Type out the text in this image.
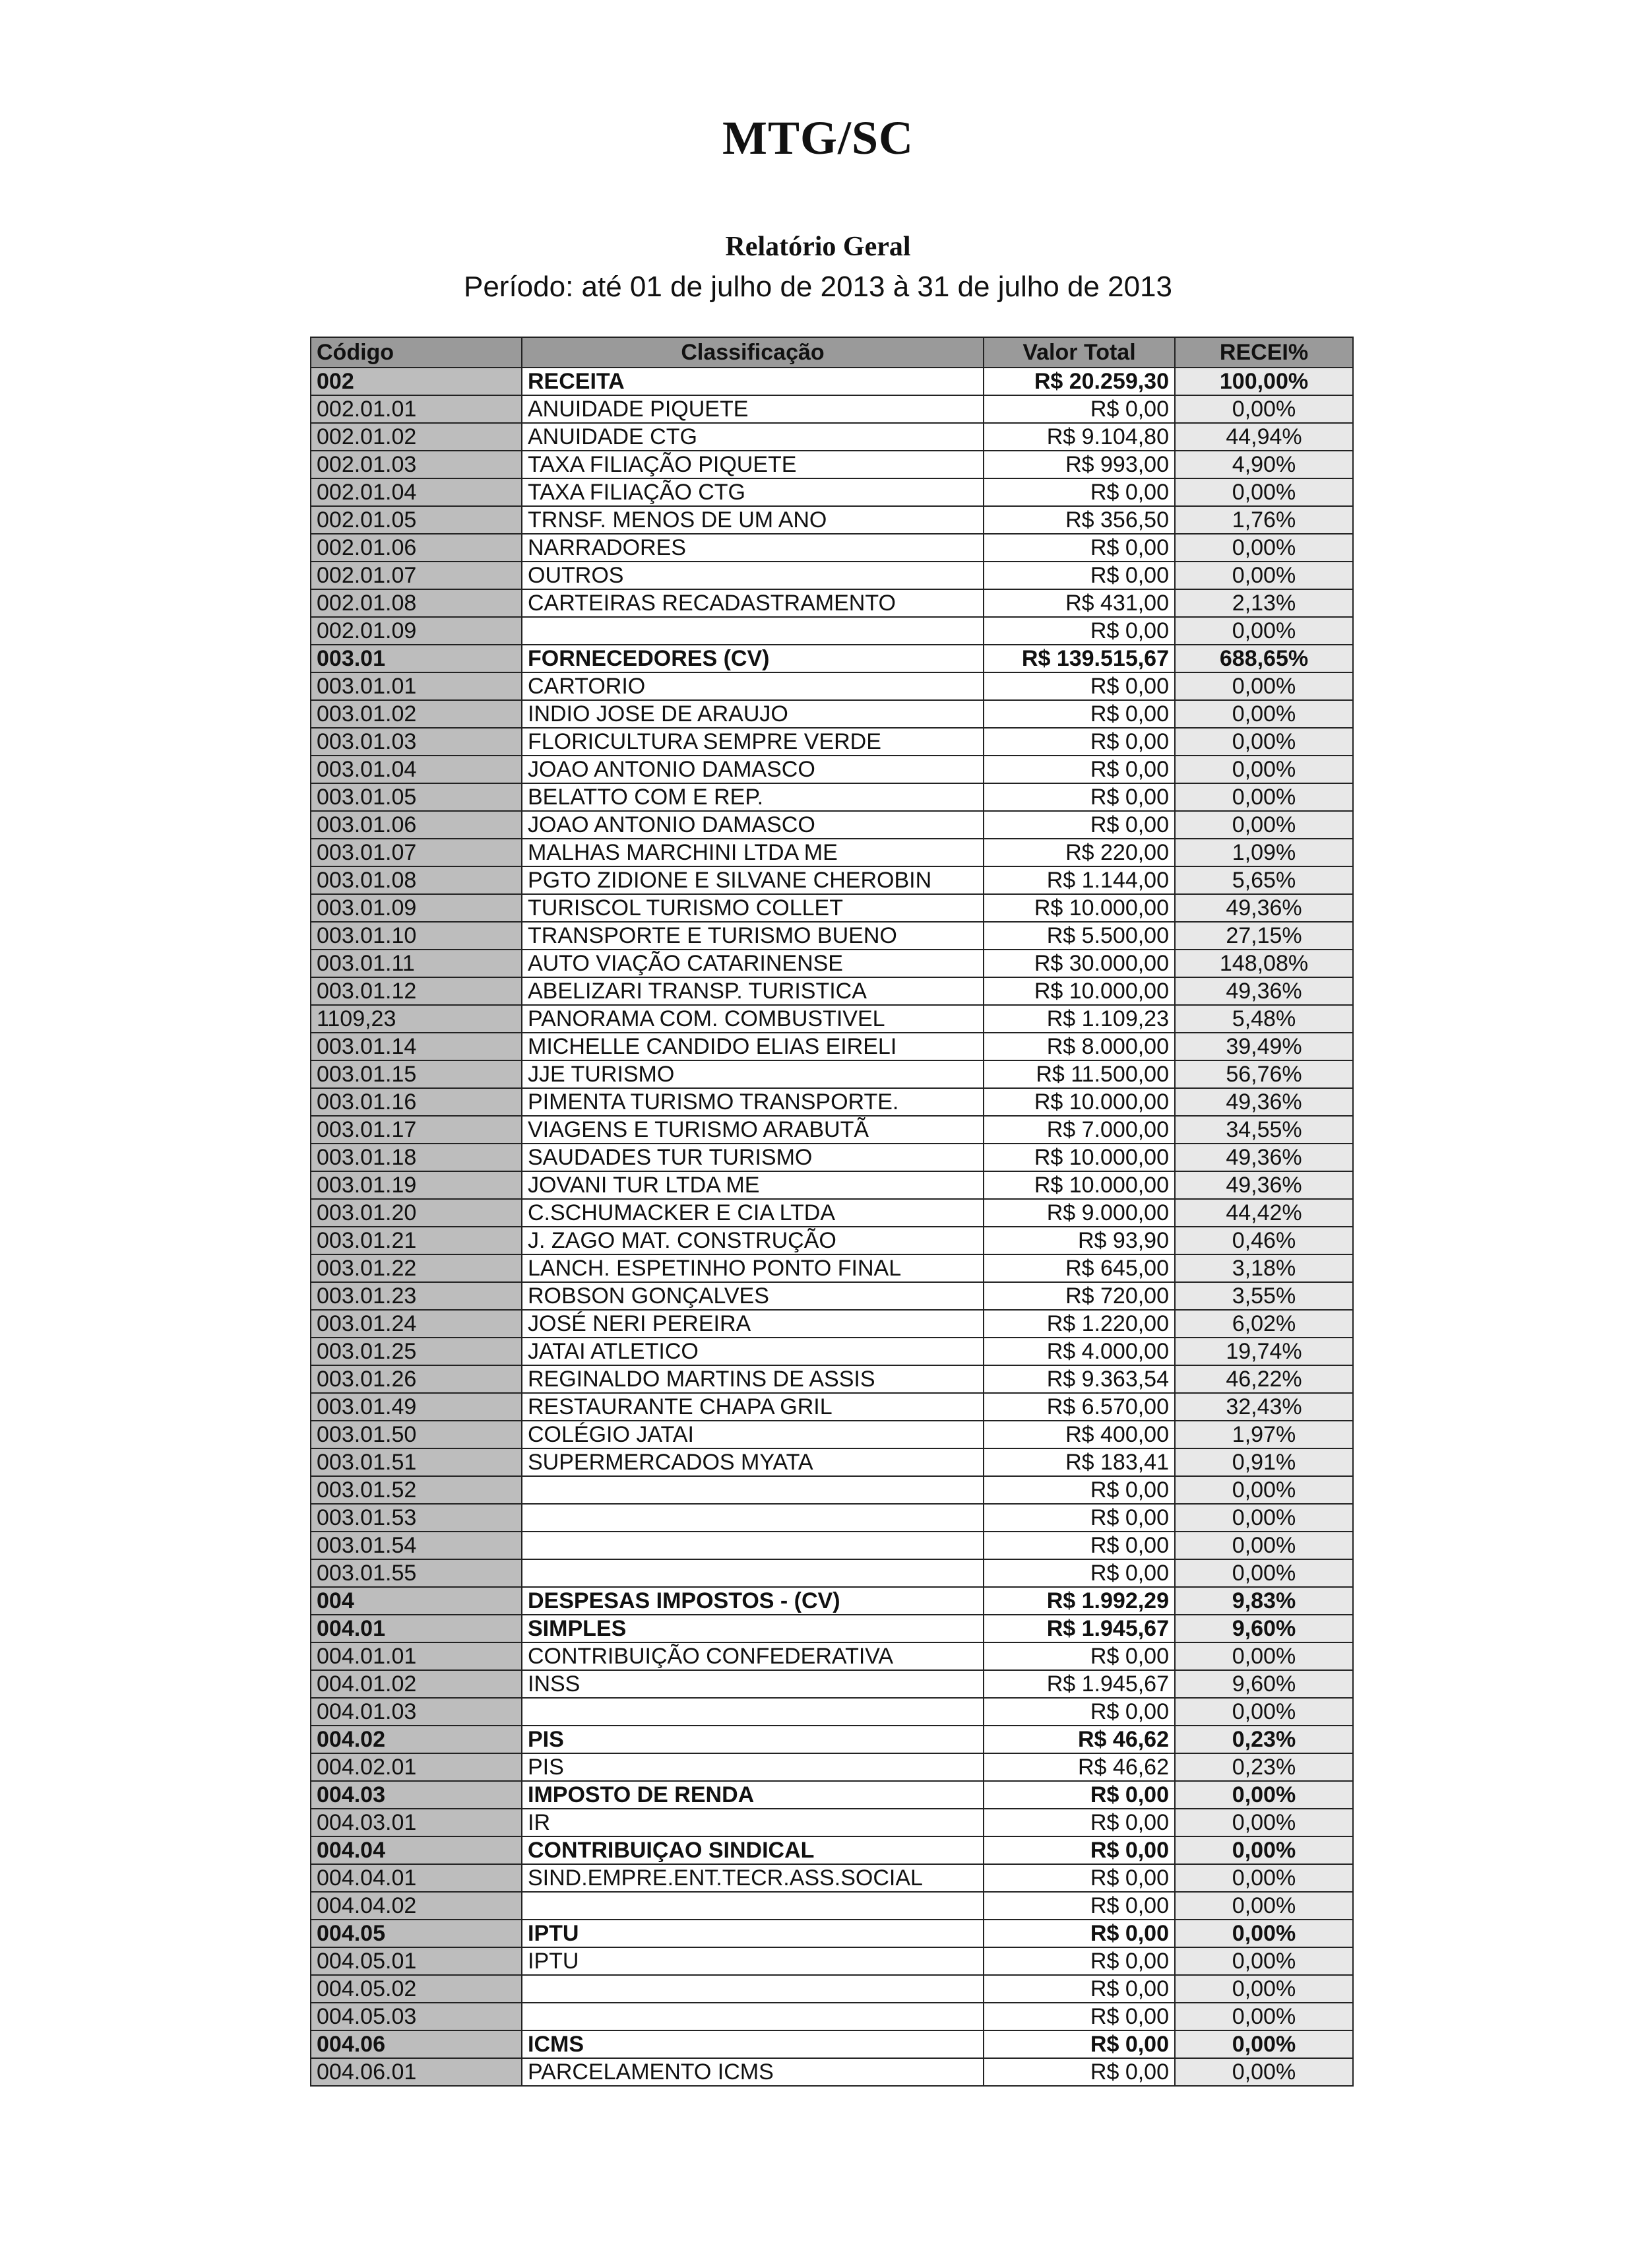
MTG/SC
Relatório Geral
Período: até 01 de julho de 2013 à 31 de julho de 2013
Código	Classificação	Valor Total	RECEI%
002	RECEITA	R$ 20.259,30	100,00%
002.01.01	ANUIDADE PIQUETE	R$ 0,00	0,00%
002.01.02	ANUIDADE CTG	R$ 9.104,80	44,94%
002.01.03	TAXA FILIAÇÃO PIQUETE	R$ 993,00	4,90%
002.01.04	TAXA FILIAÇÃO CTG	R$ 0,00	0,00%
002.01.05	TRNSF. MENOS DE UM ANO	R$ 356,50	1,76%
002.01.06	NARRADORES	R$ 0,00	0,00%
002.01.07	OUTROS	R$ 0,00	0,00%
002.01.08	CARTEIRAS RECADASTRAMENTO	R$ 431,00	2,13%
002.01.09		R$ 0,00	0,00%
003.01	FORNECEDORES (CV)	R$ 139.515,67	688,65%
003.01.01	CARTORIO	R$ 0,00	0,00%
003.01.02	INDIO JOSE DE ARAUJO	R$ 0,00	0,00%
003.01.03	FLORICULTURA SEMPRE VERDE	R$ 0,00	0,00%
003.01.04	JOAO ANTONIO DAMASCO	R$ 0,00	0,00%
003.01.05	BELATTO COM E REP.	R$ 0,00	0,00%
003.01.06	JOAO ANTONIO DAMASCO	R$ 0,00	0,00%
003.01.07	MALHAS MARCHINI LTDA ME	R$ 220,00	1,09%
003.01.08	PGTO ZIDIONE E SILVANE CHEROBIN	R$ 1.144,00	5,65%
003.01.09	TURISCOL TURISMO COLLET	R$ 10.000,00	49,36%
003.01.10	TRANSPORTE E TURISMO BUENO	R$ 5.500,00	27,15%
003.01.11	AUTO VIAÇÃO CATARINENSE	R$ 30.000,00	148,08%
003.01.12	ABELIZARI TRANSP. TURISTICA	R$ 10.000,00	49,36%
1109,23	PANORAMA COM. COMBUSTIVEL	R$ 1.109,23	5,48%
003.01.14	MICHELLE CANDIDO ELIAS EIRELI	R$ 8.000,00	39,49%
003.01.15	JJE TURISMO	R$ 11.500,00	56,76%
003.01.16	PIMENTA TURISMO TRANSPORTE.	R$ 10.000,00	49,36%
003.01.17	VIAGENS E TURISMO ARABUTÃ	R$ 7.000,00	34,55%
003.01.18	SAUDADES TUR TURISMO	R$ 10.000,00	49,36%
003.01.19	JOVANI TUR LTDA ME	R$ 10.000,00	49,36%
003.01.20	C.SCHUMACKER E CIA LTDA	R$ 9.000,00	44,42%
003.01.21	J. ZAGO MAT. CONSTRUÇÃO	R$ 93,90	0,46%
003.01.22	LANCH. ESPETINHO PONTO FINAL	R$ 645,00	3,18%
003.01.23	ROBSON GONÇALVES	R$ 720,00	3,55%
003.01.24	JOSÉ NERI PEREIRA	R$ 1.220,00	6,02%
003.01.25	JATAI ATLETICO	R$ 4.000,00	19,74%
003.01.26	REGINALDO MARTINS DE ASSIS	R$ 9.363,54	46,22%
003.01.49	RESTAURANTE CHAPA GRIL	R$ 6.570,00	32,43%
003.01.50	COLÉGIO JATAI	R$ 400,00	1,97%
003.01.51	SUPERMERCADOS MYATA	R$ 183,41	0,91%
003.01.52		R$ 0,00	0,00%
003.01.53		R$ 0,00	0,00%
003.01.54		R$ 0,00	0,00%
003.01.55		R$ 0,00	0,00%
004	DESPESAS IMPOSTOS - (CV)	R$ 1.992,29	9,83%
004.01	SIMPLES	R$ 1.945,67	9,60%
004.01.01	CONTRIBUIÇÃO CONFEDERATIVA	R$ 0,00	0,00%
004.01.02	INSS	R$ 1.945,67	9,60%
004.01.03		R$ 0,00	0,00%
004.02	PIS	R$ 46,62	0,23%
004.02.01	PIS	R$ 46,62	0,23%
004.03	IMPOSTO DE RENDA	R$ 0,00	0,00%
004.03.01	IR	R$ 0,00	0,00%
004.04	CONTRIBUIÇAO SINDICAL	R$ 0,00	0,00%
004.04.01	SIND.EMPRE.ENT.TECR.ASS.SOCIAL	R$ 0,00	0,00%
004.04.02		R$ 0,00	0,00%
004.05	IPTU	R$ 0,00	0,00%
004.05.01	IPTU	R$ 0,00	0,00%
004.05.02		R$ 0,00	0,00%
004.05.03		R$ 0,00	0,00%
004.06	ICMS	R$ 0,00	0,00%
004.06.01	PARCELAMENTO ICMS	R$ 0,00	0,00%
